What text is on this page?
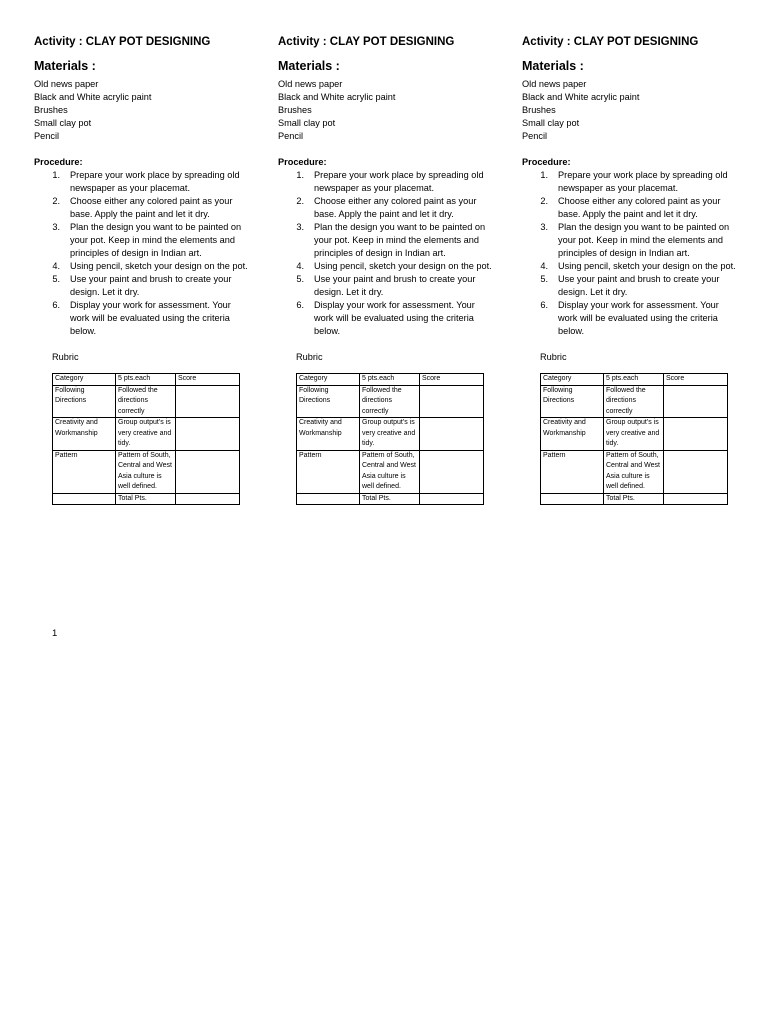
Activity : CLAY POT DESIGNING
Materials :
Old news paper
Black and White acrylic paint
Brushes
Small clay pot
Pencil
Procedure:
1. Prepare your work place by spreading old newspaper as your placemat.
2. Choose either any colored paint as your base. Apply the paint and let it dry.
3. Plan the design you want to be painted on your pot. Keep in mind the elements and principles of design in Indian art.
4. Using pencil, sketch your design on the pot.
5. Use your paint and brush to create your design. Let it dry.
6. Display your work for assessment. Your work will be evaluated using the criteria below.
Rubric
Category	5 pts.each	Score
Following Directions	Followed the directions correctly	
Creativity and Workmanship	Group output's is very creative and tidy.	
Pattern	Pattern of South, Central and West Asia culture is well defined.	
	Total Pts.	
Activity : CLAY POT DESIGNING
Materials :
Old news paper
Black and White acrylic paint
Brushes
Small clay pot
Pencil
Procedure:
1. Prepare your work place by spreading old newspaper as your placemat.
2. Choose either any colored paint as your base. Apply the paint and let it dry.
3. Plan the design you want to be painted on your pot. Keep in mind the elements and principles of design in Indian art.
4. Using pencil, sketch your design on the pot.
5. Use your paint and brush to create your design. Let it dry.
6. Display your work for assessment. Your work will be evaluated using the criteria below.
Rubric
Category	5 pts.each	Score
Following Directions	Followed the directions correctly	
Creativity and Workmanship	Group output's is very creative and tidy.	
Pattern	Pattern of South, Central and West Asia culture is well defined.	
	Total Pts.	
Activity : CLAY POT DESIGNING
Materials :
Old news paper
Black and White acrylic paint
Brushes
Small clay pot
Pencil
Procedure:
1. Prepare your work place by spreading old newspaper as your placemat.
2. Choose either any colored paint as your base. Apply the paint and let it dry.
3. Plan the design you want to be painted on your pot. Keep in mind the elements and principles of design in Indian art.
4. Using pencil, sketch your design on the pot.
5. Use your paint and brush to create your design. Let it dry.
6. Display your work for assessment. Your work will be evaluated using the criteria below.
Rubric
Category	5 pts.each	Score
Following Directions	Followed the directions correctly	
Creativity and Workmanship	Group output's is very creative and tidy.	
Pattern	Pattern of South, Central and West Asia culture is well defined.	
	Total Pts.	
1
